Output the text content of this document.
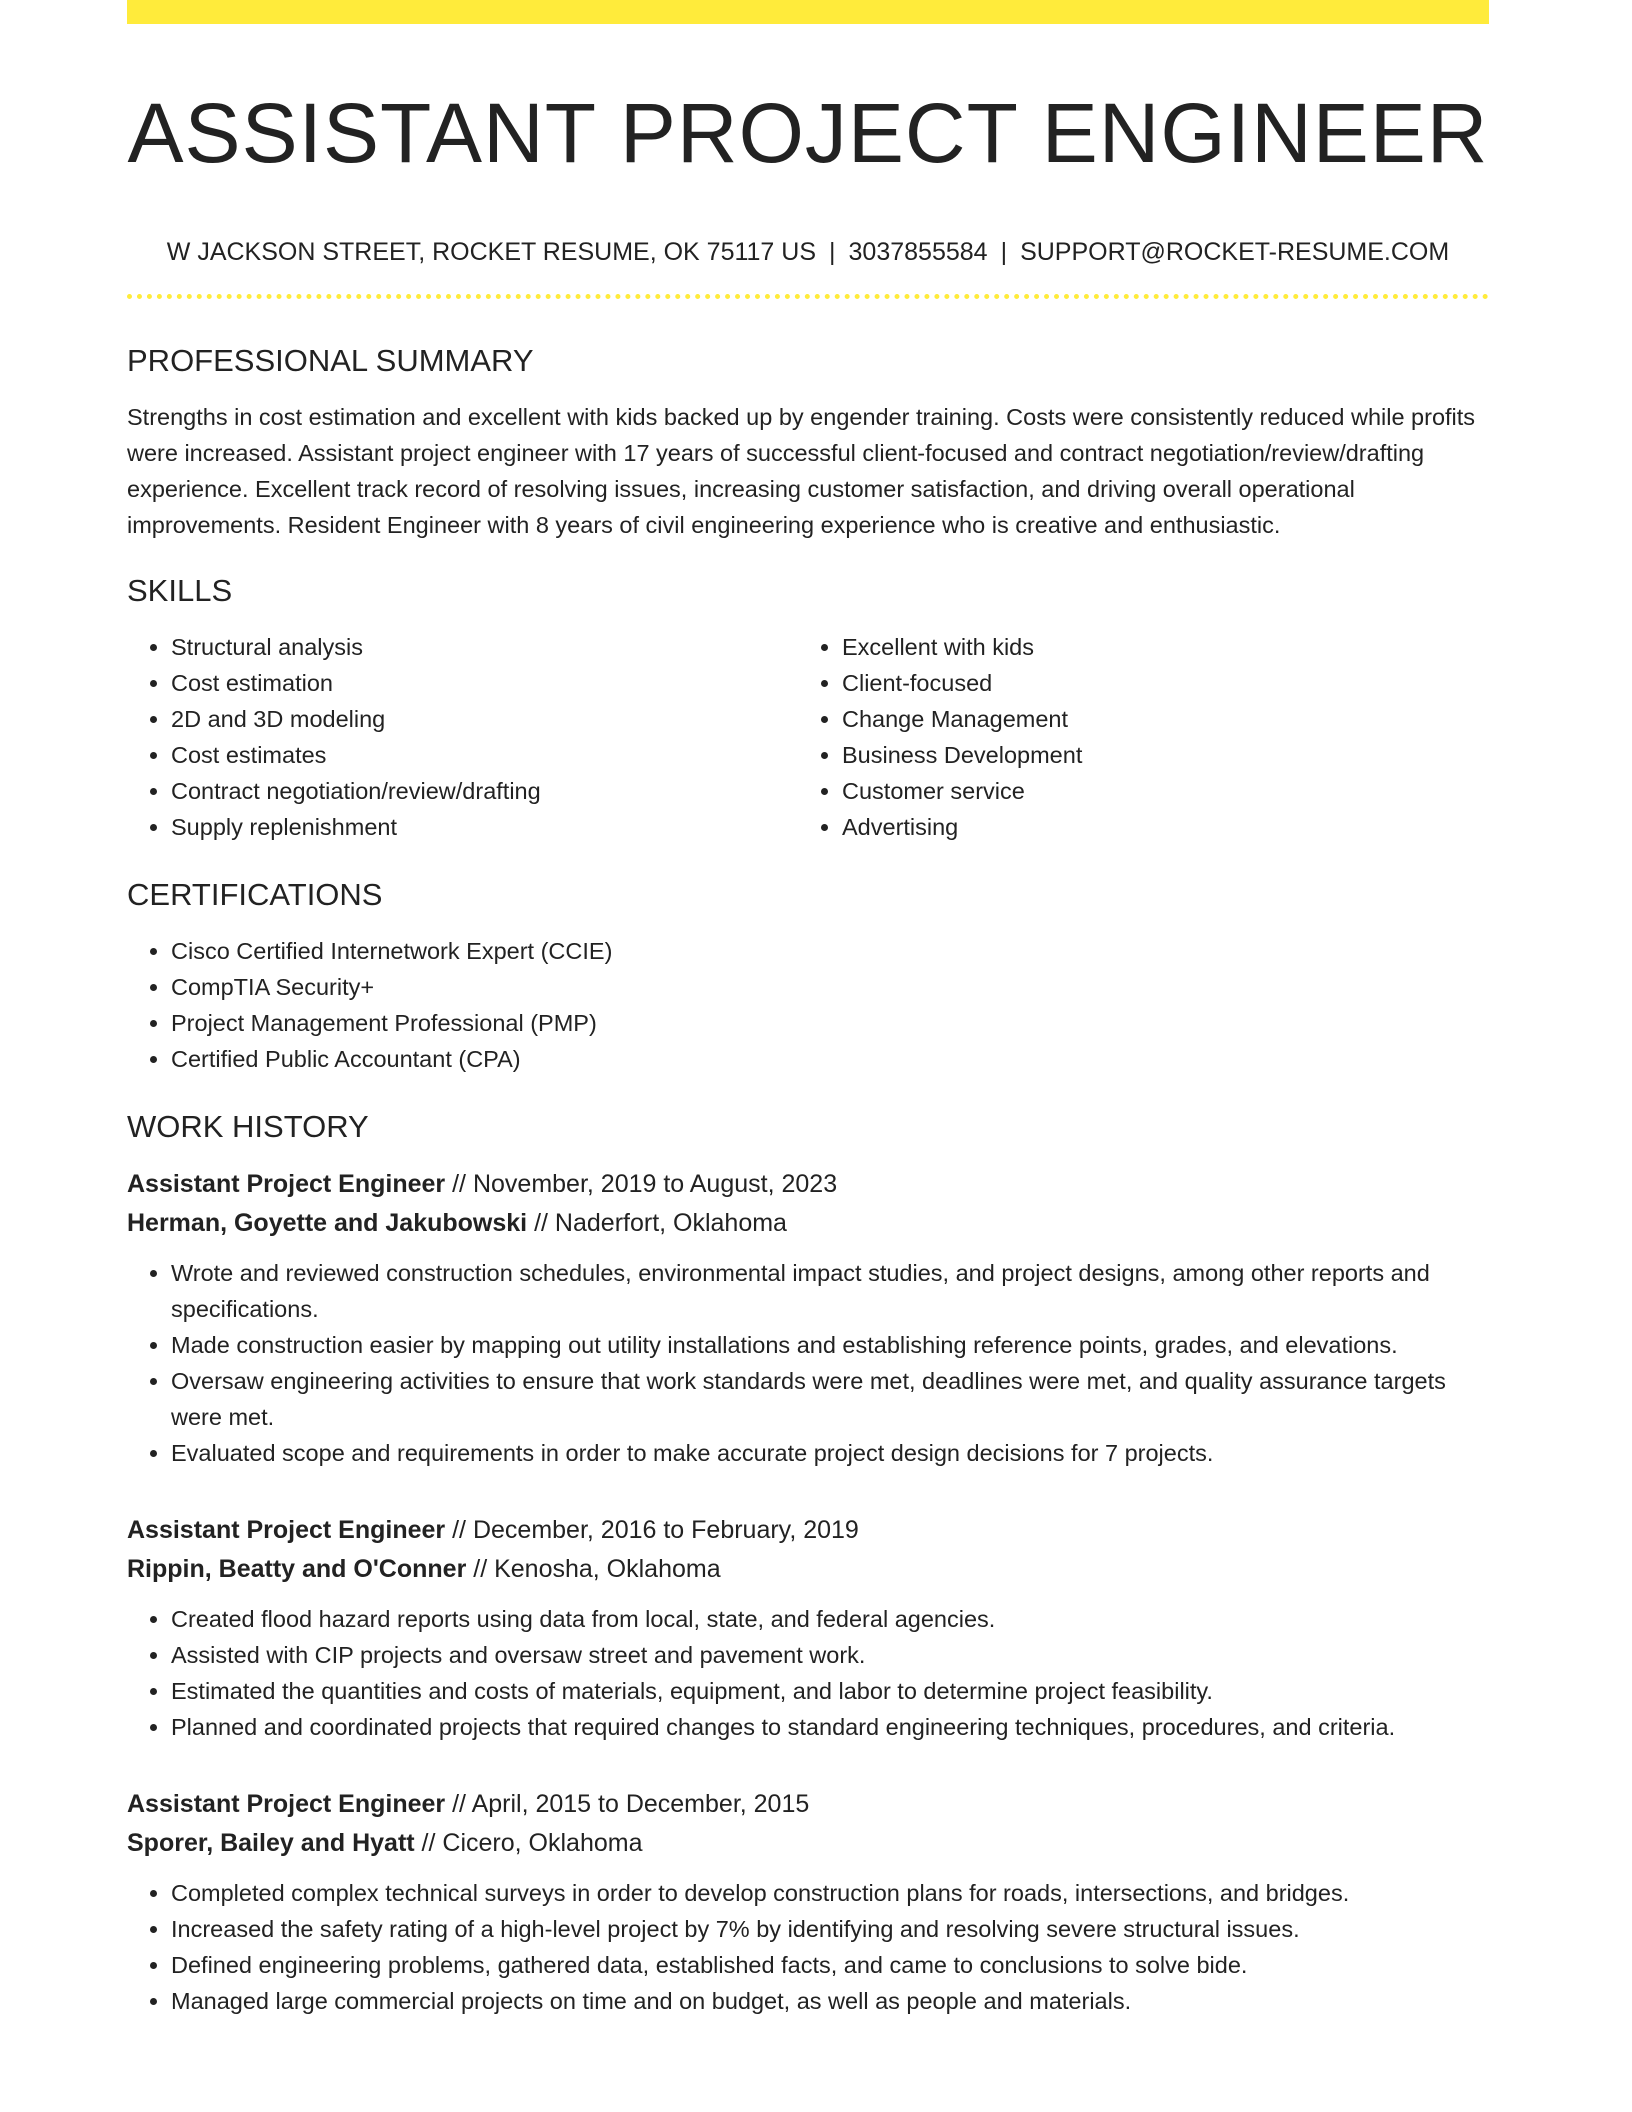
ASSISTANT PROJECT ENGINEER
W JACKSON STREET, ROCKET RESUME, OK 75117 US | 3037855584 | SUPPORT@ROCKET-RESUME.COM
PROFESSIONAL SUMMARY
Strengths in cost estimation and excellent with kids backed up by engender training. Costs were consistently reduced while profits were increased. Assistant project engineer with 17 years of successful client-focused and contract negotiation/review/drafting experience. Excellent track record of resolving issues, increasing customer satisfaction, and driving overall operational improvements. Resident Engineer with 8 years of civil engineering experience who is creative and enthusiastic.
SKILLS
• Structural analysis
• Cost estimation
• 2D and 3D modeling
• Cost estimates
• Contract negotiation/review/drafting
• Supply replenishment
• Excellent with kids
• Client-focused
• Change Management
• Business Development
• Customer service
• Advertising
CERTIFICATIONS
• Cisco Certified Internetwork Expert (CCIE)
• CompTIA Security+
• Project Management Professional (PMP)
• Certified Public Accountant (CPA)
WORK HISTORY
Assistant Project Engineer // November, 2019 to August, 2023
Herman, Goyette and Jakubowski // Naderfort, Oklahoma
• Wrote and reviewed construction schedules, environmental impact studies, and project designs, among other reports and specifications.
• Made construction easier by mapping out utility installations and establishing reference points, grades, and elevations.
• Oversaw engineering activities to ensure that work standards were met, deadlines were met, and quality assurance targets were met.
• Evaluated scope and requirements in order to make accurate project design decisions for 7 projects.
Assistant Project Engineer // December, 2016 to February, 2019
Rippin, Beatty and O'Conner // Kenosha, Oklahoma
• Created flood hazard reports using data from local, state, and federal agencies.
• Assisted with CIP projects and oversaw street and pavement work.
• Estimated the quantities and costs of materials, equipment, and labor to determine project feasibility.
• Planned and coordinated projects that required changes to standard engineering techniques, procedures, and criteria.
Assistant Project Engineer // April, 2015 to December, 2015
Sporer, Bailey and Hyatt // Cicero, Oklahoma
• Completed complex technical surveys in order to develop construction plans for roads, intersections, and bridges.
• Increased the safety rating of a high-level project by 7% by identifying and resolving severe structural issues.
• Defined engineering problems, gathered data, established facts, and came to conclusions to solve bide.
• Managed large commercial projects on time and on budget, as well as people and materials.
